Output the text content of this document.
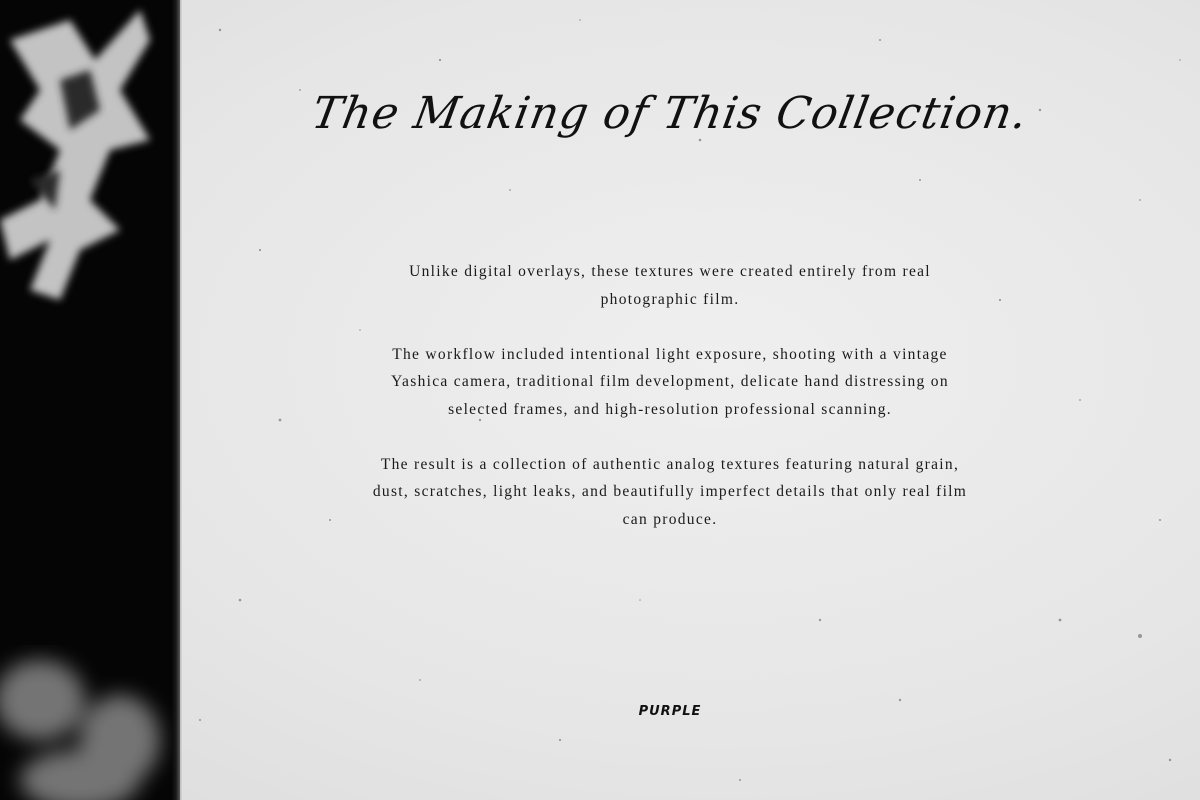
The Making of This Collection.

Unlike digital overlays, these textures were created entirely from real photographic film.

The workflow included intentional light exposure, shooting with a vintage Yashica camera, traditional film development, delicate hand distressing on selected frames, and high-resolution professional scanning.

The result is a collection of authentic analog textures featuring natural grain, dust, scratches, light leaks, and beautifully imperfect details that only real film can produce.

PURPLE
